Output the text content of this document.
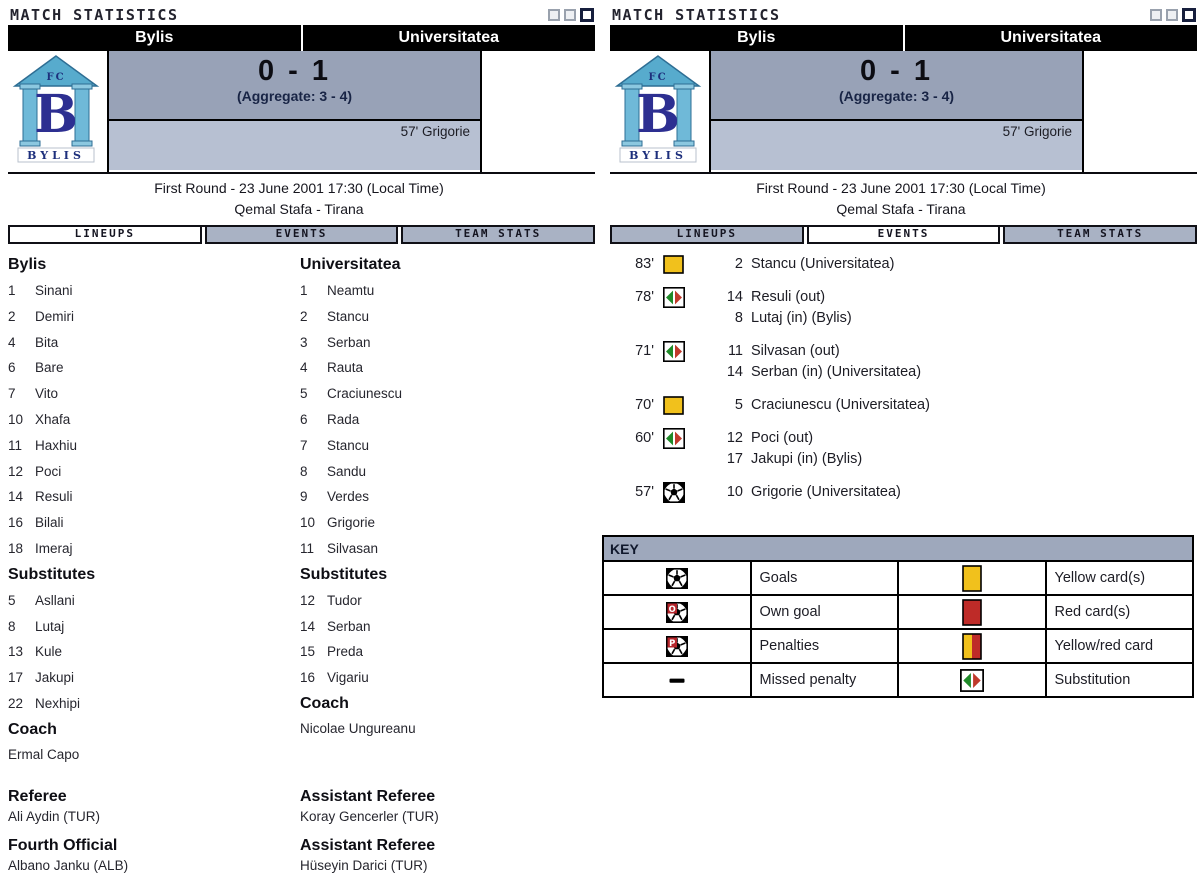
MATCH STATISTICS
Bylis	Universitatea
FC
B
BYLIS
0 - 1
(Aggregate: 3 - 4)
57' Grigorie
First Round - 23 June 2001 17:30 (Local Time)
Qemal Stafa - Tirana
LINEUPS	EVENTS	TEAM STATS
Bylis
1 Sinani
2 Demiri
4 Bita
6 Bare
7 Vito
10 Xhafa
11 Haxhiu
12 Poci
14 Resuli
16 Bilali
18 Imeraj
Substitutes
5 Asllani
8 Lutaj
13 Kule
17 Jakupi
22 Nexhipi
Coach
Ermal Capo
Universitatea
1 Neamtu
2 Stancu
3 Serban
4 Rauta
5 Craciunescu
6 Rada
7 Stancu
8 Sandu
9 Verdes
10 Grigorie
11 Silvasan
Substitutes
12 Tudor
14 Serban
15 Preda
16 Vigariu
Coach
Nicolae Ungureanu
Referee
Ali Aydin (TUR)
Assistant Referee
Koray Gencerler (TUR)
Fourth Official
Albano Janku (ALB)
Assistant Referee
Hüseyin Darici (TUR)
MATCH STATISTICS
Bylis	Universitatea
FC
B
BYLIS
0 - 1
(Aggregate: 3 - 4)
57' Grigorie
First Round - 23 June 2001 17:30 (Local Time)
Qemal Stafa - Tirana
LINEUPS	EVENTS	TEAM STATS
83'	2 Stancu (Universitatea)
78'	14 Resuli (out)
8 Lutaj (in) (Bylis)
71'	11 Silvasan (out)
14 Serban (in) (Universitatea)
70'	5 Craciunescu (Universitatea)
60'	12 Poci (out)
17 Jakupi (in) (Bylis)
57'	10 Grigorie (Universitatea)
KEY			
	Goals		Yellow card(s)

O	Own goal		Red card(s)

P	Penalties		Yellow/red card
	Missed penalty		Substitution
